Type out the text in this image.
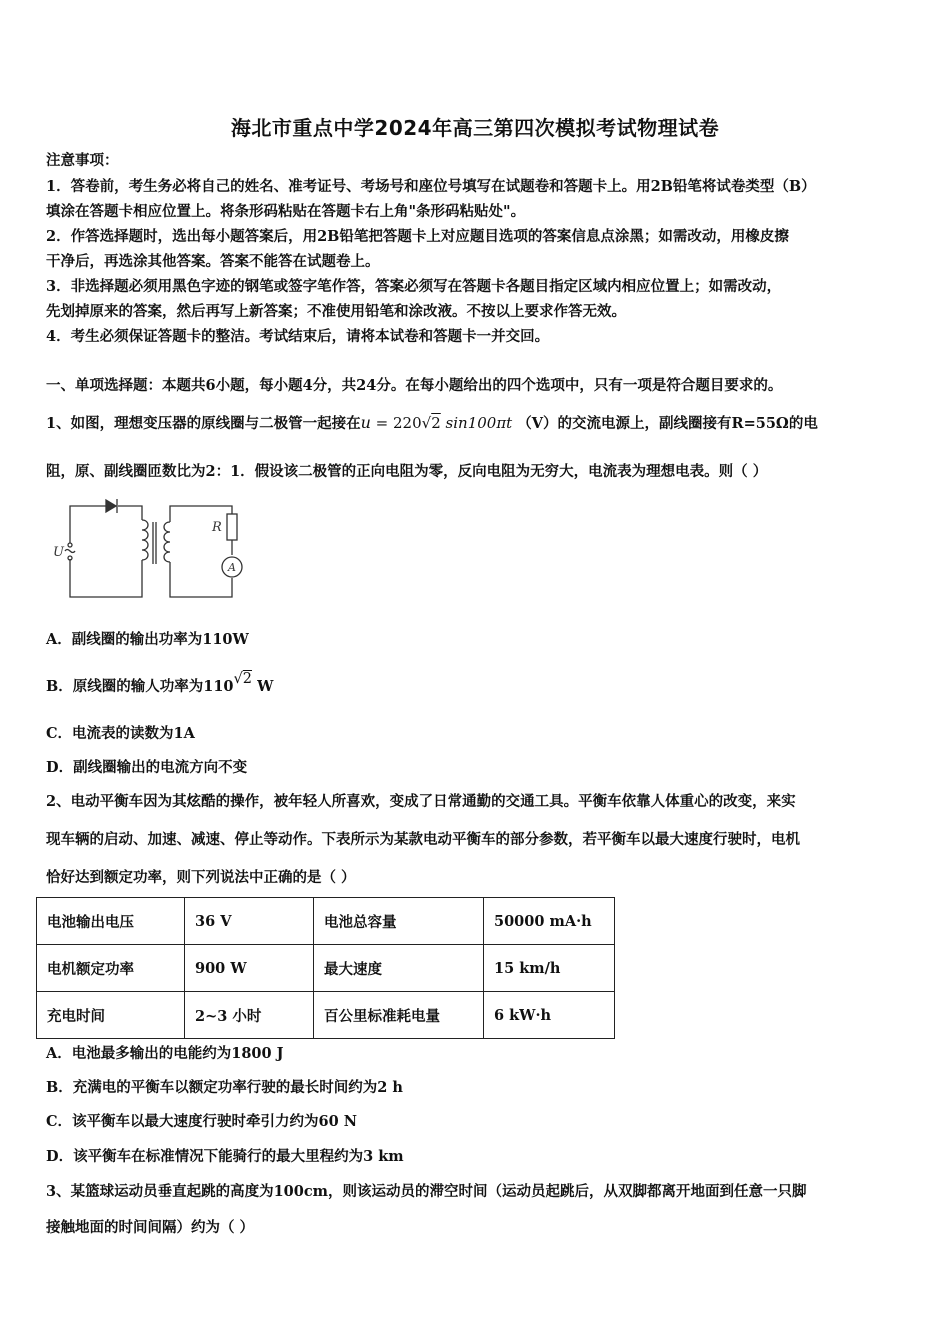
海北市重点中学2024年高三第四次模拟考试物理试卷
注意事项：
1．答卷前，考生务必将自己的姓名、准考证号、考场号和座位号填写在试题卷和答题卡上。用2B铅笔将试卷类型（B）
填涂在答题卡相应位置上。将条形码粘贴在答题卡右上角"条形码粘贴处"。
2．作答选择题时，选出每小题答案后，用2B铅笔把答题卡上对应题目选项的答案信息点涂黑；如需改动，用橡皮擦
干净后，再选涂其他答案。答案不能答在试题卷上。
3．非选择题必须用黑色字迹的钢笔或签字笔作答，答案必须写在答题卡各题目指定区域内相应位置上；如需改动，
先划掉原来的答案，然后再写上新答案；不准使用铅笔和涂改液。不按以上要求作答无效。
4．考生必须保证答题卡的整洁。考试结束后，请将本试卷和答题卡一并交回。
一、单项选择题：本题共6小题，每小题4分，共24分。在每小题给出的四个选项中，只有一项是符合题目要求的。
1、如图，理想变压器的原线圈与二极管一起接在u = 220√2 sin100πt （V）的交流电源上，副线圈接有R=55Ω的电
阻，原、副线圈匝数比为2：1．假设该二极管的正向电阻为零，反向电阻为无穷大，电流表为理想电表。则（ ）
U
R
A
A．副线圈的输出功率为110W
B．原线圈的输人功率为110√2 W
C．电流表的读数为1A
D．副线圈输出的电流方向不变
2、电动平衡车因为其炫酷的操作，被年轻人所喜欢，变成了日常通勤的交通工具。平衡车依靠人体重心的改变，来实
现车辆的启动、加速、减速、停止等动作。下表所示为某款电动平衡车的部分参数，若平衡车以最大速度行驶时，电机
恰好达到额定功率，则下列说法中正确的是（ ）
电池输出电压	36 V	电池总容量	50000 mA·h
电机额定功率	900 W	最大速度	15 km/h
充电时间	2~3 小时	百公里标准耗电量	6 kW·h
A．电池最多输出的电能约为1800 J
B．充满电的平衡车以额定功率行驶的最长时间约为2 h
C．该平衡车以最大速度行驶时牵引力约为60 N
D．该平衡车在标准情况下能骑行的最大里程约为3 km
3、某篮球运动员垂直起跳的高度为100cm，则该运动员的滞空时间（运动员起跳后，从双脚都离开地面到任意一只脚
接触地面的时间间隔）约为（ ）
